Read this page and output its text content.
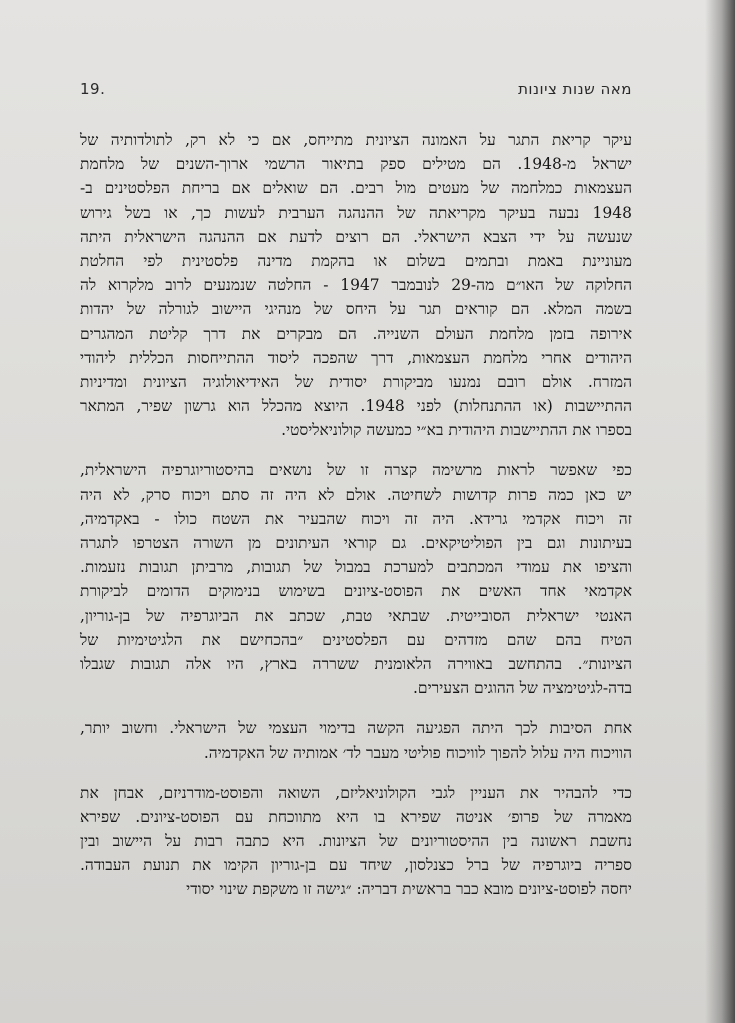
מאה שנות ציונות
19.

עיקר קריאת התגר על האמונה הציונית מתייחס, אם כי לא רק, לתולדותיה של
ישראל מ-1948. הם מטילים ספק בתיאור הרשמי ארוך-השנים של מלחמת
העצמאות כמלחמה של מעטים מול רבים. הם שואלים אם בריחת הפלסטינים ב-
1948 נבעה בעיקר מקריאתה של ההנהגה הערבית לעשות כך, או בשל גירוש
שנעשה על ידי הצבא הישראלי. הם רוצים לדעת אם ההנהגה הישראלית היתה
מעוניינת באמת ובתמים בשלום או בהקמת מדינה פלסטינית לפי החלטת
החלוקה של האו״ם מה-29 לנובמבר 1947 - החלטה שנמנעים לרוב מלקרוא לה
בשמה המלא. הם קוראים תגר על היחס של מנהיגי היישוב לגורלה של יהדות
אירופה בזמן מלחמת העולם השנייה. הם מבקרים את דרך קליטת המהגרים
היהודים אחרי מלחמת העצמאות, דרך שהפכה ליסוד ההתייחסות הכללית ליהודי
המזרח. אולם רובם נמנעו מביקורת יסודית של האידיאולוגיה הציונית ומדיניות
ההתיישבות (או ההתנחלות) לפני 1948. היוצא מהכלל הוא גרשון שפיר, המתאר
בספרו את ההתיישבות היהודית בא״י כמעשה קולוניאליסטי.

כפי שאפשר לראות מרשימה קצרה זו של נושאים בהיסטוריוגרפיה הישראלית,
יש כאן כמה פרות קדושות לשחיטה. אולם לא היה זה סתם ויכוח סרק, לא היה
זה ויכוח אקדמי גרידא. היה זה ויכוח שהבעיר את השטח כולו - באקדמיה,
בעיתונות וגם בין הפוליטיקאים. גם קוראי העיתונים מן השורה הצטרפו לתגרה
והציפו את עמודי המכתבים למערכת במבול של תגובות, מרביתן תגובות נזעמות.
אקדמאי אחד האשים את הפוסט-ציונים בשימוש בנימוקים הדומים לביקורת
האנטי ישראלית הסובייטית. שבתאי טבת, שכתב את הביוגרפיה של בן-גוריון,
הטיח בהם שהם מזדהים עם הפלסטינים ״בהכחישם את הלגיטימיות של
הציונות״. בהתחשב באווירה הלאומנית ששררה בארץ, היו אלה תגובות שגבלו
בדה-לגיטימציה של ההוגים הצעירים.

אחת הסיבות לכך היתה הפגיעה הקשה בדימוי העצמי של הישראלי. וחשוב יותר,
הוויכוח היה עלול להפוך לוויכוח פוליטי מעבר לד׳ אמותיה של האקדמיה.

כדי להבהיר את העניין לגבי הקולוניאליזם, השואה והפוסט-מודרניזם, אבחן את
מאמרה של פרופ׳ אניטה שפירא בו היא מתווכחת עם הפוסט-ציונים. שפירא
נחשבת ראשונה בין ההיסטוריונים של הציונות. היא כתבה רבות על היישוב ובין
ספריה ביוגרפיה של ברל כצנלסון, שיחד עם בן-גוריון הקימו את תנועת העבודה.
יחסה לפוסט-ציונים מובא כבר בראשית דבריה: ״גישה זו משקפת שינוי יסודי
